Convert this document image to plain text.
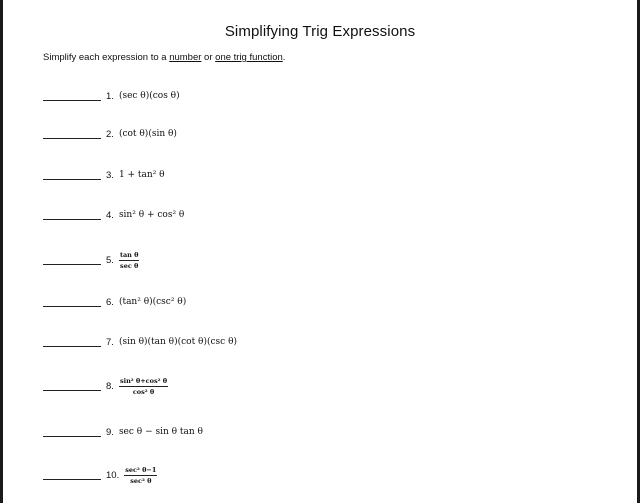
Simplifying Trig Expressions
Simplify each expression to a number or one trig function.
1. (sec θ)(cos θ)
2. (cot θ)(sin θ)
3. 1 + tan² θ
4. sin² θ + cos² θ
5. $\frac{\text{tan θ}}{\text{sec θ}}$
6. (tan² θ)(csc² θ)
7. (sin θ)(tan θ)(cot θ)(csc θ)
8. $\frac{\text{sin² θ+cos² θ}}{\text{cos² θ}}$
9. sec θ − sin θ tan θ
10. $\frac{\text{sec² θ−1}}{\text{sec² θ}}$
